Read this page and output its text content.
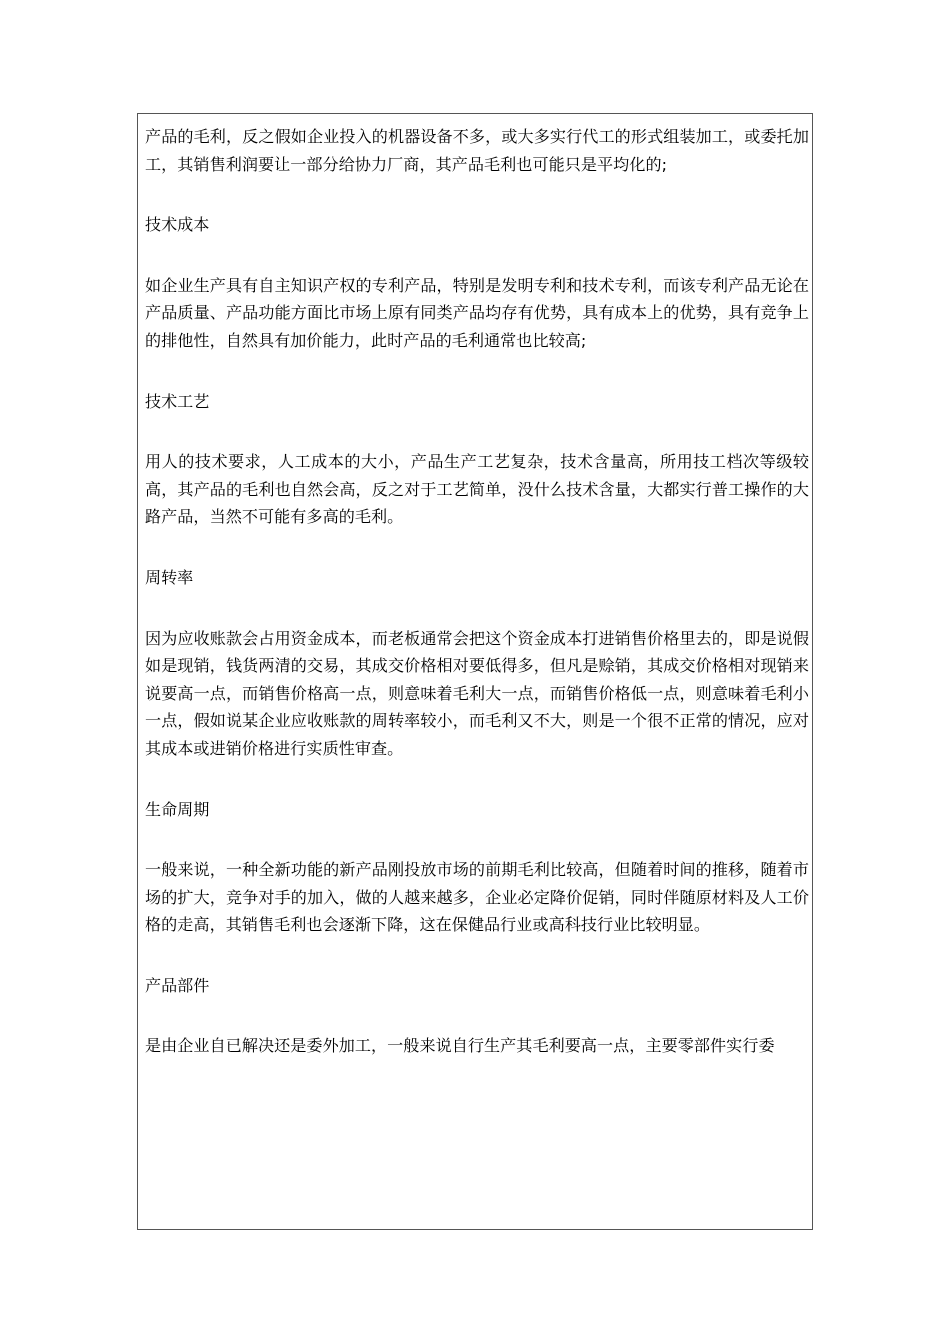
产品的毛利，反之假如企业投入的机器设备不多，或大多实行代工的形式组装加工，或委托加工，其销售利润要让一部分给协力厂商，其产品毛利也可能只是平均化的;

技术成本

如企业生产具有自主知识产权的专利产品，特别是发明专利和技术专利，而该专利产品无论在产品质量、产品功能方面比市场上原有同类产品均存有优势，具有成本上的优势，具有竞争上的排他性，自然具有加价能力，此时产品的毛利通常也比较高;

技术工艺

用人的技术要求，人工成本的大小，产品生产工艺复杂，技术含量高，所用技工档次等级较高，其产品的毛利也自然会高，反之对于工艺简单，没什么技术含量，大都实行普工操作的大路产品，当然不可能有多高的毛利。

周转率

因为应收账款会占用资金成本，而老板通常会把这个资金成本打进销售价格里去的，即是说假如是现销，钱货两清的交易，其成交价格相对要低得多，但凡是赊销，其成交价格相对现销来说要高一点，而销售价格高一点，则意味着毛利大一点，而销售价格低一点，则意味着毛利小一点，假如说某企业应收账款的周转率较小，而毛利又不大，则是一个很不正常的情况，应对其成本或进销价格进行实质性审查。

生命周期

一般来说，一种全新功能的新产品刚投放市场的前期毛利比较高，但随着时间的推移，随着市场的扩大，竞争对手的加入，做的人越来越多，企业必定降价促销，同时伴随原材料及人工价格的走高，其销售毛利也会逐渐下降，这在保健品行业或高科技行业比较明显。

产品部件

是由企业自已解决还是委外加工，一般来说自行生产其毛利要高一点，主要零部件实行委
